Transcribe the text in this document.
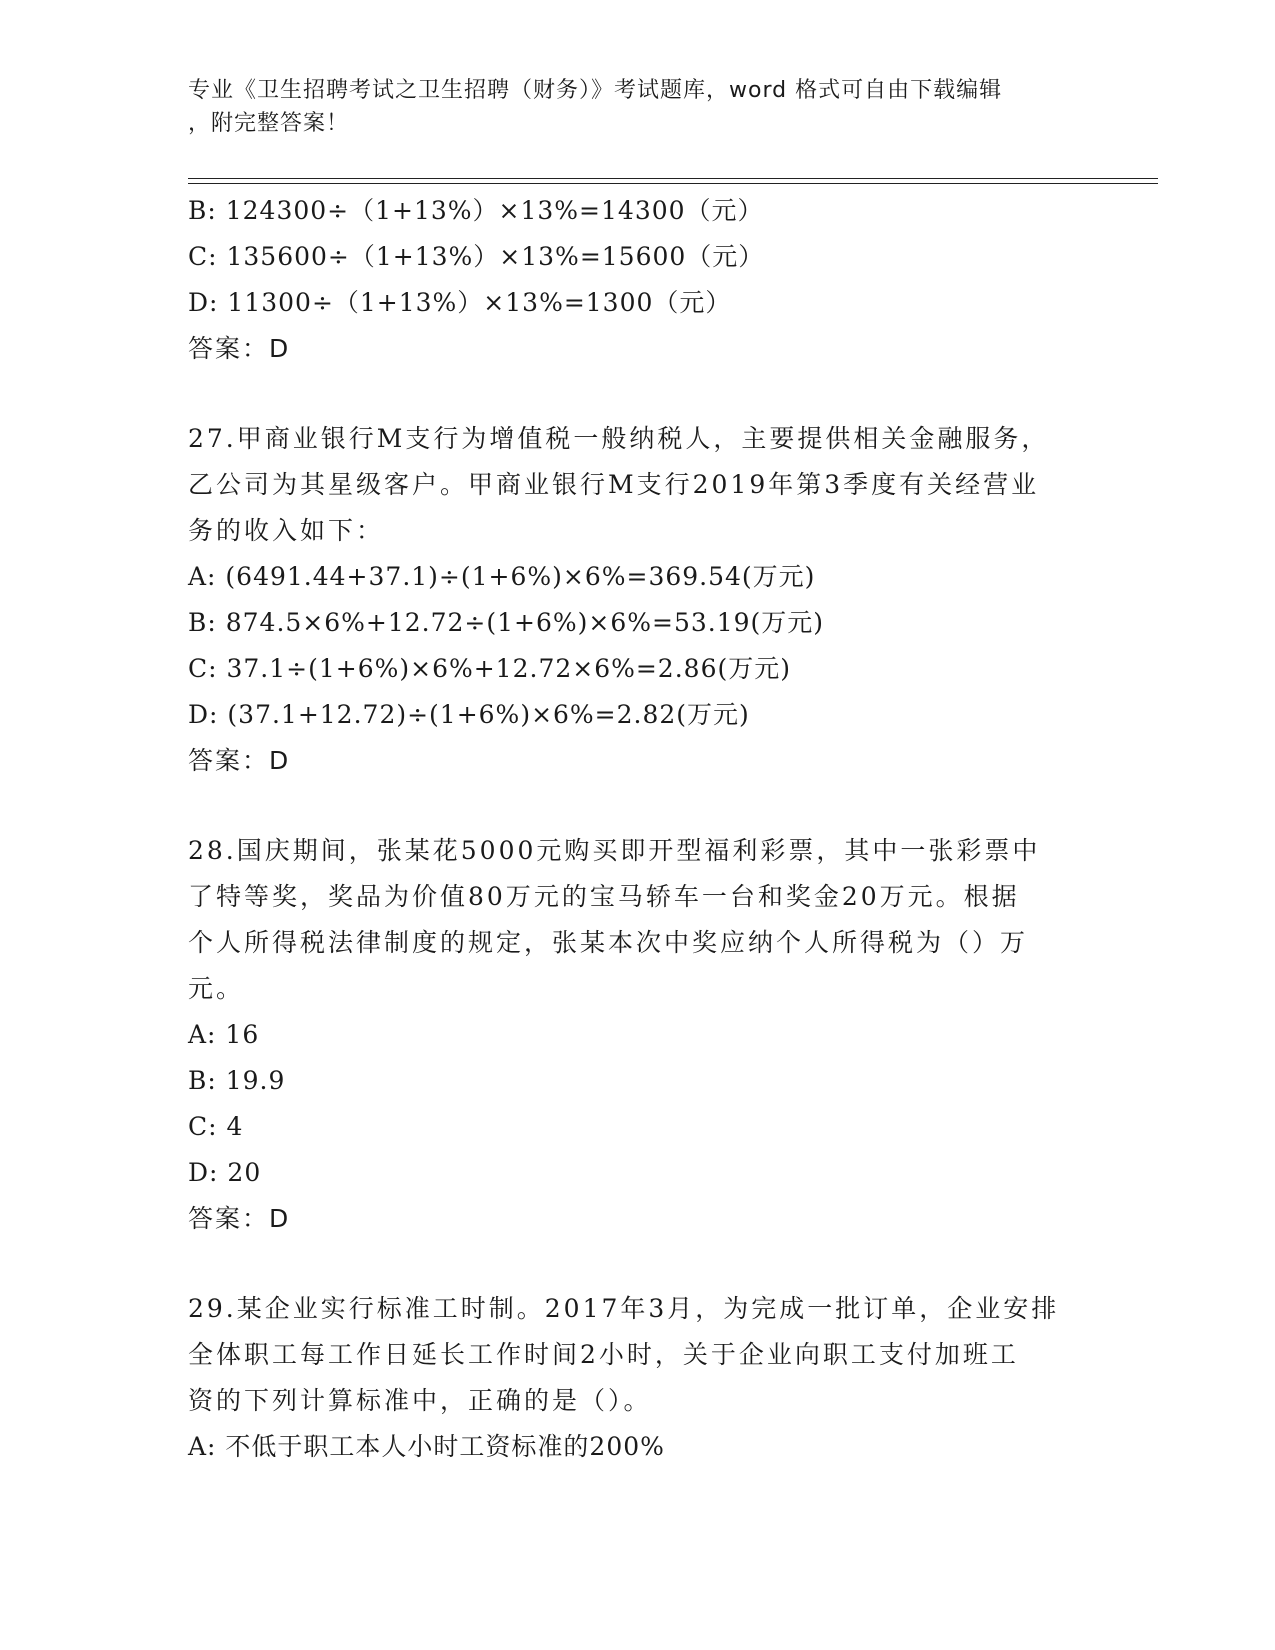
专业《卫生招聘考试之卫生招聘（财务）》考试题库，word 格式可自由下载编辑
，附完整答案！
B: 124300÷（1+13%）×13%=14300（元）
C: 135600÷（1+13%）×13%=15600（元）
D: 11300÷（1+13%）×13%=1300（元）
答案：D
27.甲商业银行M支行为增值税一般纳税人，主要提供相关金融服务，
乙公司为其星级客户。甲商业银行M支行2019年第3季度有关经营业
务的收入如下：
A: (6491.44+37.1)÷(1+6%)×6%=369.54(万元)
B: 874.5×6%+12.72÷(1+6%)×6%=53.19(万元)
C: 37.1÷(1+6%)×6%+12.72×6%=2.86(万元)
D: (37.1+12.72)÷(1+6%)×6%=2.82(万元)
答案：D
28.国庆期间，张某花5000元购买即开型福利彩票，其中一张彩票中
了特等奖，奖品为价值80万元的宝马轿车一台和奖金20万元。根据
个人所得税法律制度的规定，张某本次中奖应纳个人所得税为（）万
元。
A: 16
B: 19.9
C: 4
D: 20
答案：D
29.某企业实行标准工时制。2017年3月，为完成一批订单，企业安排
全体职工每工作日延长工作时间2小时，关于企业向职工支付加班工
资的下列计算标准中，正确的是（）。
A: 不低于职工本人小时工资标准的200%
